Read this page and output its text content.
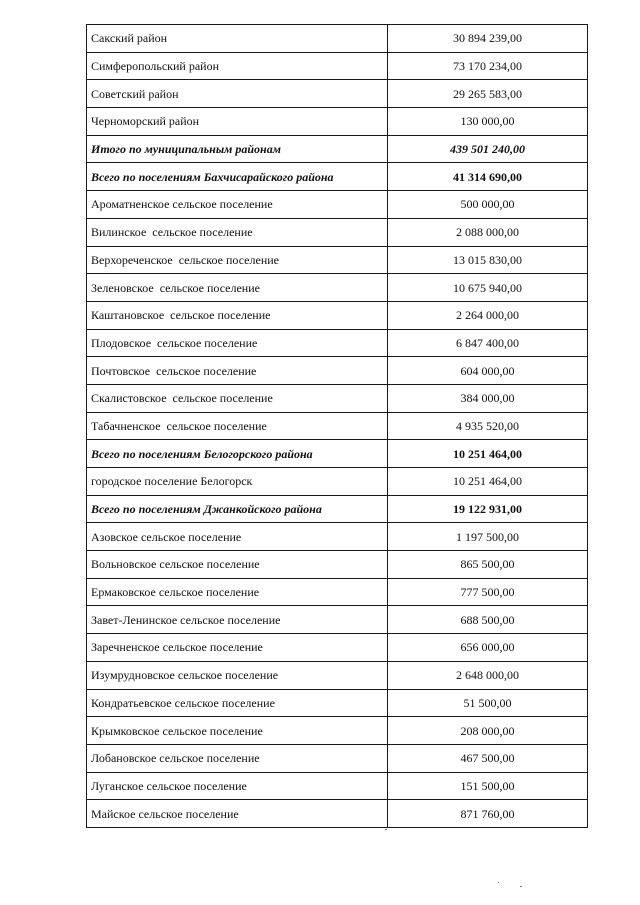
Сакский район	30 894 239,00
Симферопольский район	73 170 234,00
Советский район	29 265 583,00
Черноморский район	130 000,00
Итого по муниципальным районам	439 501 240,00
Всего по поселениям Бахчисарайского района	41 314 690,00
Ароматненское сельское поселение	500 000,00
Вилинское  сельское поселение	2 088 000,00
Верхореченское  сельское поселение	13 015 830,00
Зеленовское  сельское поселение	10 675 940,00
Каштановское  сельское поселение	2 264 000,00
Плодовское  сельское поселение	6 847 400,00
Почтовское  сельское поселение	604 000,00
Скалистовское  сельское поселение	384 000,00
Табачненское  сельское поселение	4 935 520,00
Всего по поселениям Белогорского района	10 251 464,00
городское поселение Белогорск	10 251 464,00
Всего по поселениям Джанкойского района	19 122 931,00
Азовское сельское поселение	1 197 500,00
Вольновское сельское поселение	865 500,00
Ермаковское сельское поселение	777 500,00
Завет-Ленинское сельское поселение	688 500,00
Заречненское сельское поселение	656 000,00
Изумрудновское сельское поселение	2 648 000,00
Кондратьевское сельское поселение	51 500,00
Крымковское сельское поселение	208 000,00
Лобановское сельское поселение	467 500,00
Луганское сельское поселение	151 500,00
Майское сельское поселение	871 760,00
